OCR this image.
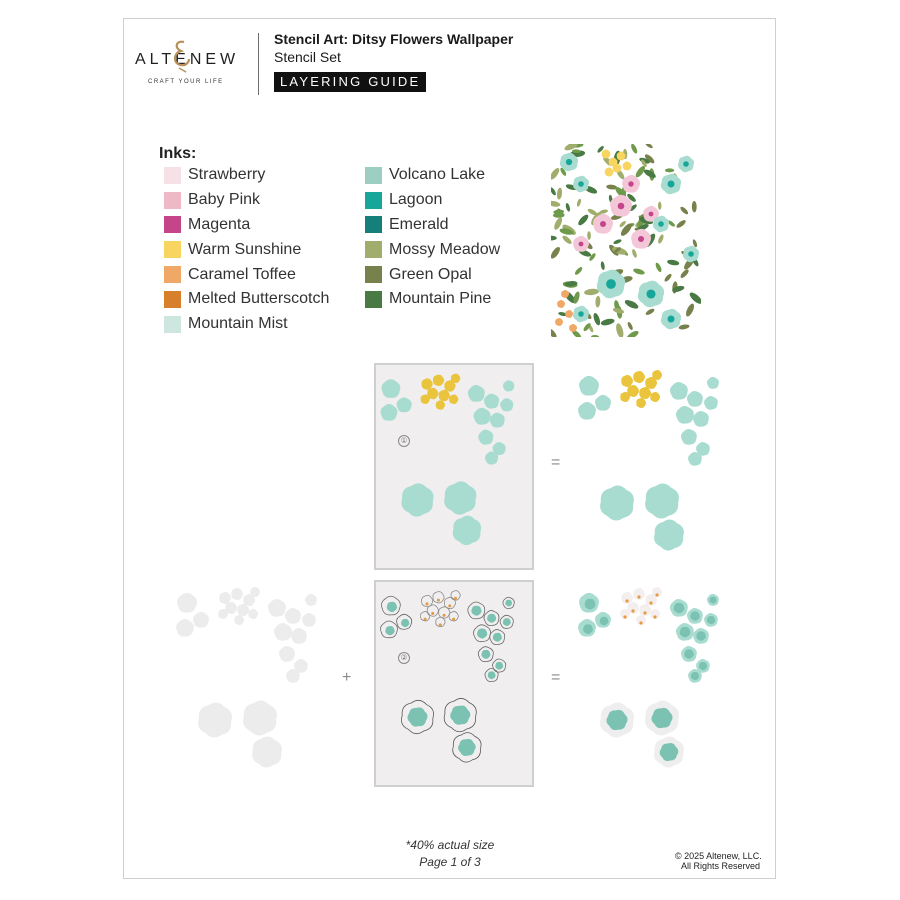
ALTENEW
CRAFT YOUR LIFE
Stencil Art: Ditsy Flowers Wallpaper
Stencil Set
LAYERING GUIDE
Inks:
Strawberry
Baby Pink
Magenta
Warm Sunshine
Caramel Toffee
Melted Butterscotch
Mountain Mist
Volcano Lake
Lagoon
Emerald
Mossy Meadow
Green Opal
Mountain Pine
①
=
+
②
=
*40% actual size
Page 1 of 3	© 2025 Altenew, LLC.
All Rights Reserved
